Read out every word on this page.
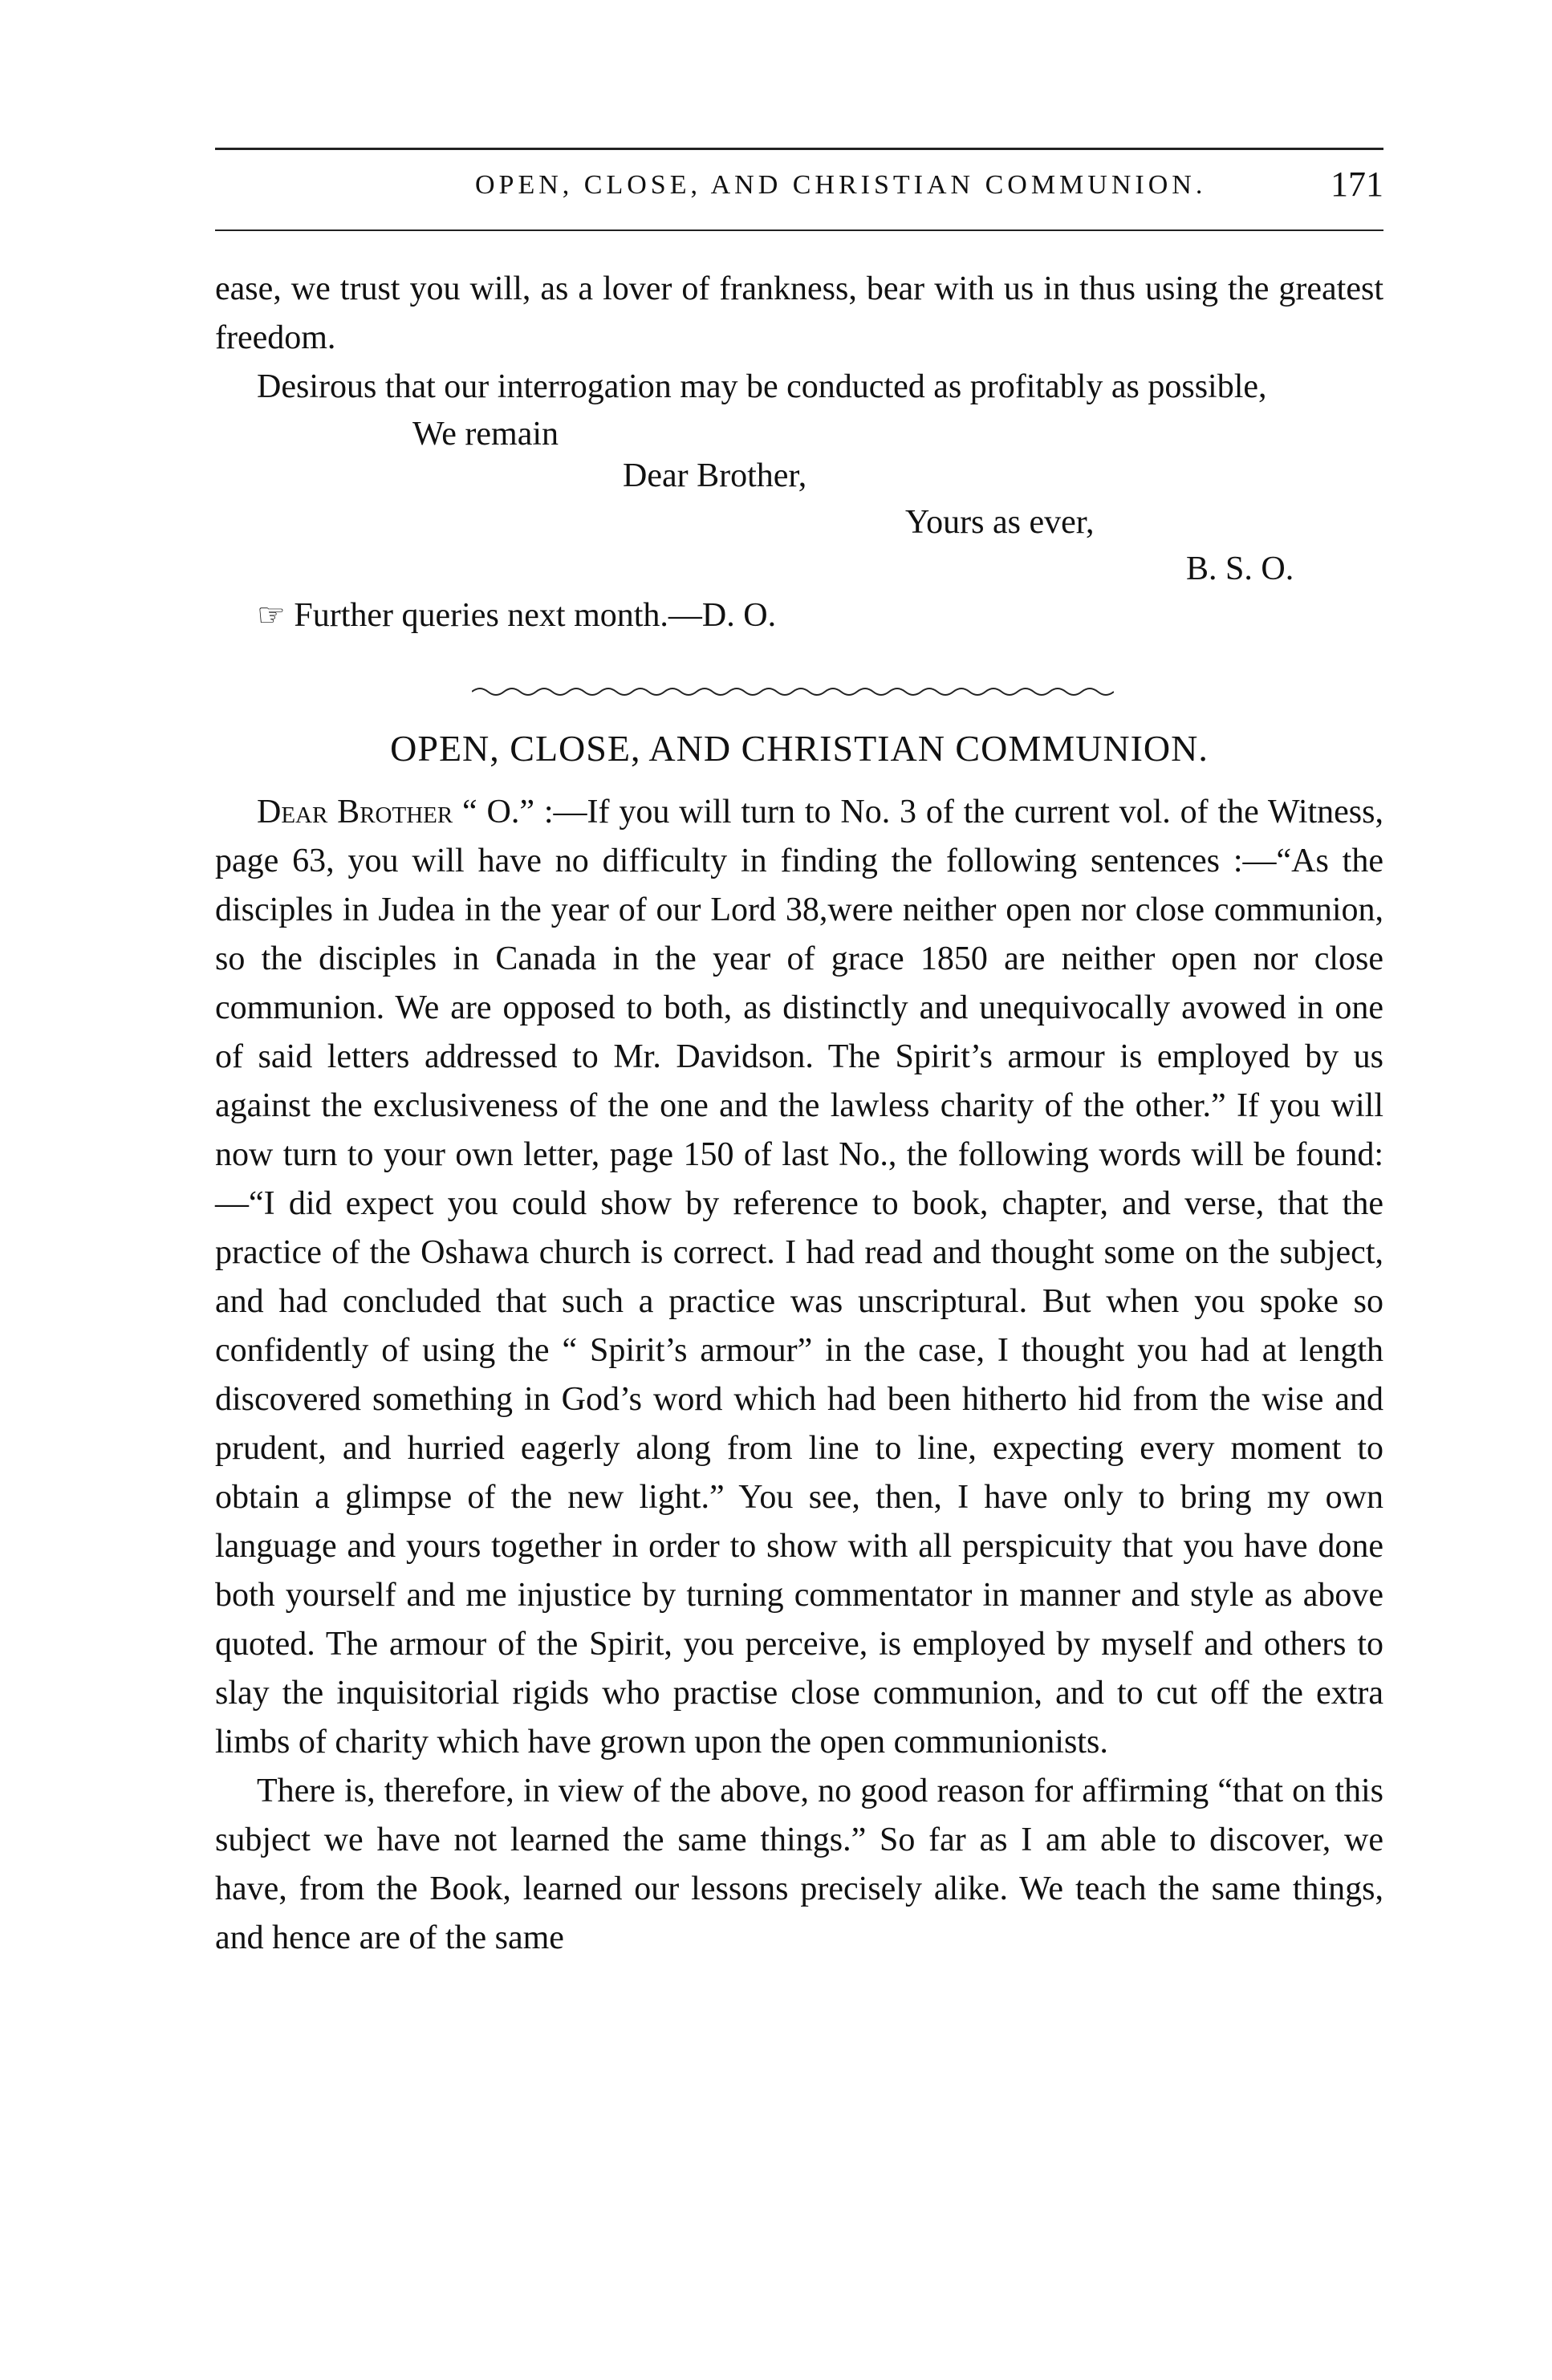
OPEN, CLOSE, AND CHRISTIAN COMMUNION.	171

ease, we trust you will, as a lover of frankness, bear with us in thus using the greatest freedom.

Desirous that our interrogation may be conducted as profitably as possible,

We remain
Dear Brother,
Yours as ever,
B. S. O.
☞ Further queries next month.—D. O.
OPEN, CLOSE, AND CHRISTIAN COMMUNION.

Dear Brother “ O.” :—If you will turn to No. 3 of the current vol. of the Witness, page 63, you will have no difficulty in finding the following sentences :—“As the disciples in Judea in the year of our Lord 38,were neither open nor close communion, so the disciples in Canada in the year of grace 1850 are neither open nor close communion. We are opposed to both, as distinctly and unequivocally avowed in one of said letters addressed to Mr. Davidson. The Spirit’s armour is employed by us against the exclusiveness of the one and the lawless charity of the other.” If you will now turn to your own letter, page 150 of last No., the following words will be found:—“I did expect you could show by reference to book, chapter, and verse, that the practice of the Oshawa church is correct. I had read and thought some on the subject, and had concluded that such a practice was unscriptural. But when you spoke so confidently of using the “ Spirit’s armour” in the case, I thought you had at length discovered something in God’s word which had been hitherto hid from the wise and prudent, and hurried eagerly along from line to line, expecting every moment to obtain a glimpse of the new light.” You see, then, I have only to bring my own language and yours together in order to show with all perspicuity that you have done both yourself and me injustice by turning commentator in manner and style as above quoted. The armour of the Spirit, you perceive, is employed by myself and others to slay the inquisitorial rigids who practise close communion, and to cut off the extra limbs of charity which have grown upon the open communionists.

There is, therefore, in view of the above, no good reason for affirming “that on this subject we have not learned the same things.” So far as I am able to discover, we have, from the Book, learned our lessons precisely alike. We teach the same things, and hence are of the same
